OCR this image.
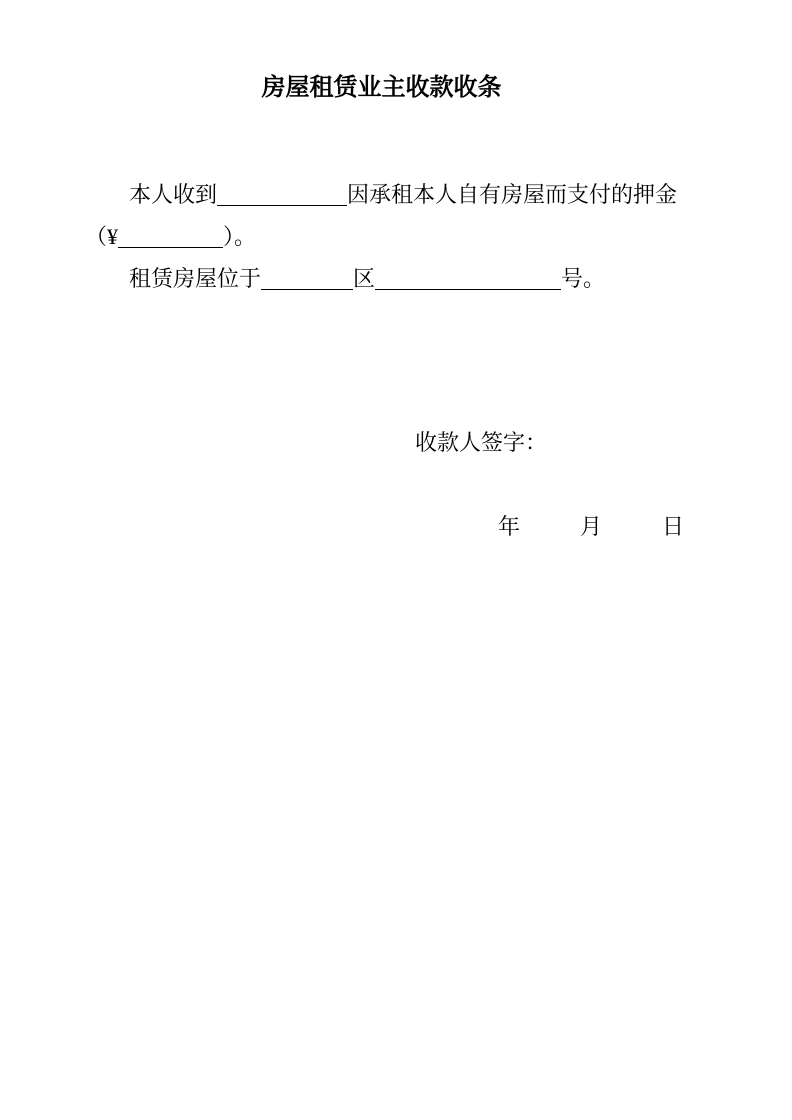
房屋租赁业主收款收条

本人收到	因承租本人自有房屋而支付的押金

（¥	）。

租赁房屋位于	区	号。

收款人签字：

年	月	日
